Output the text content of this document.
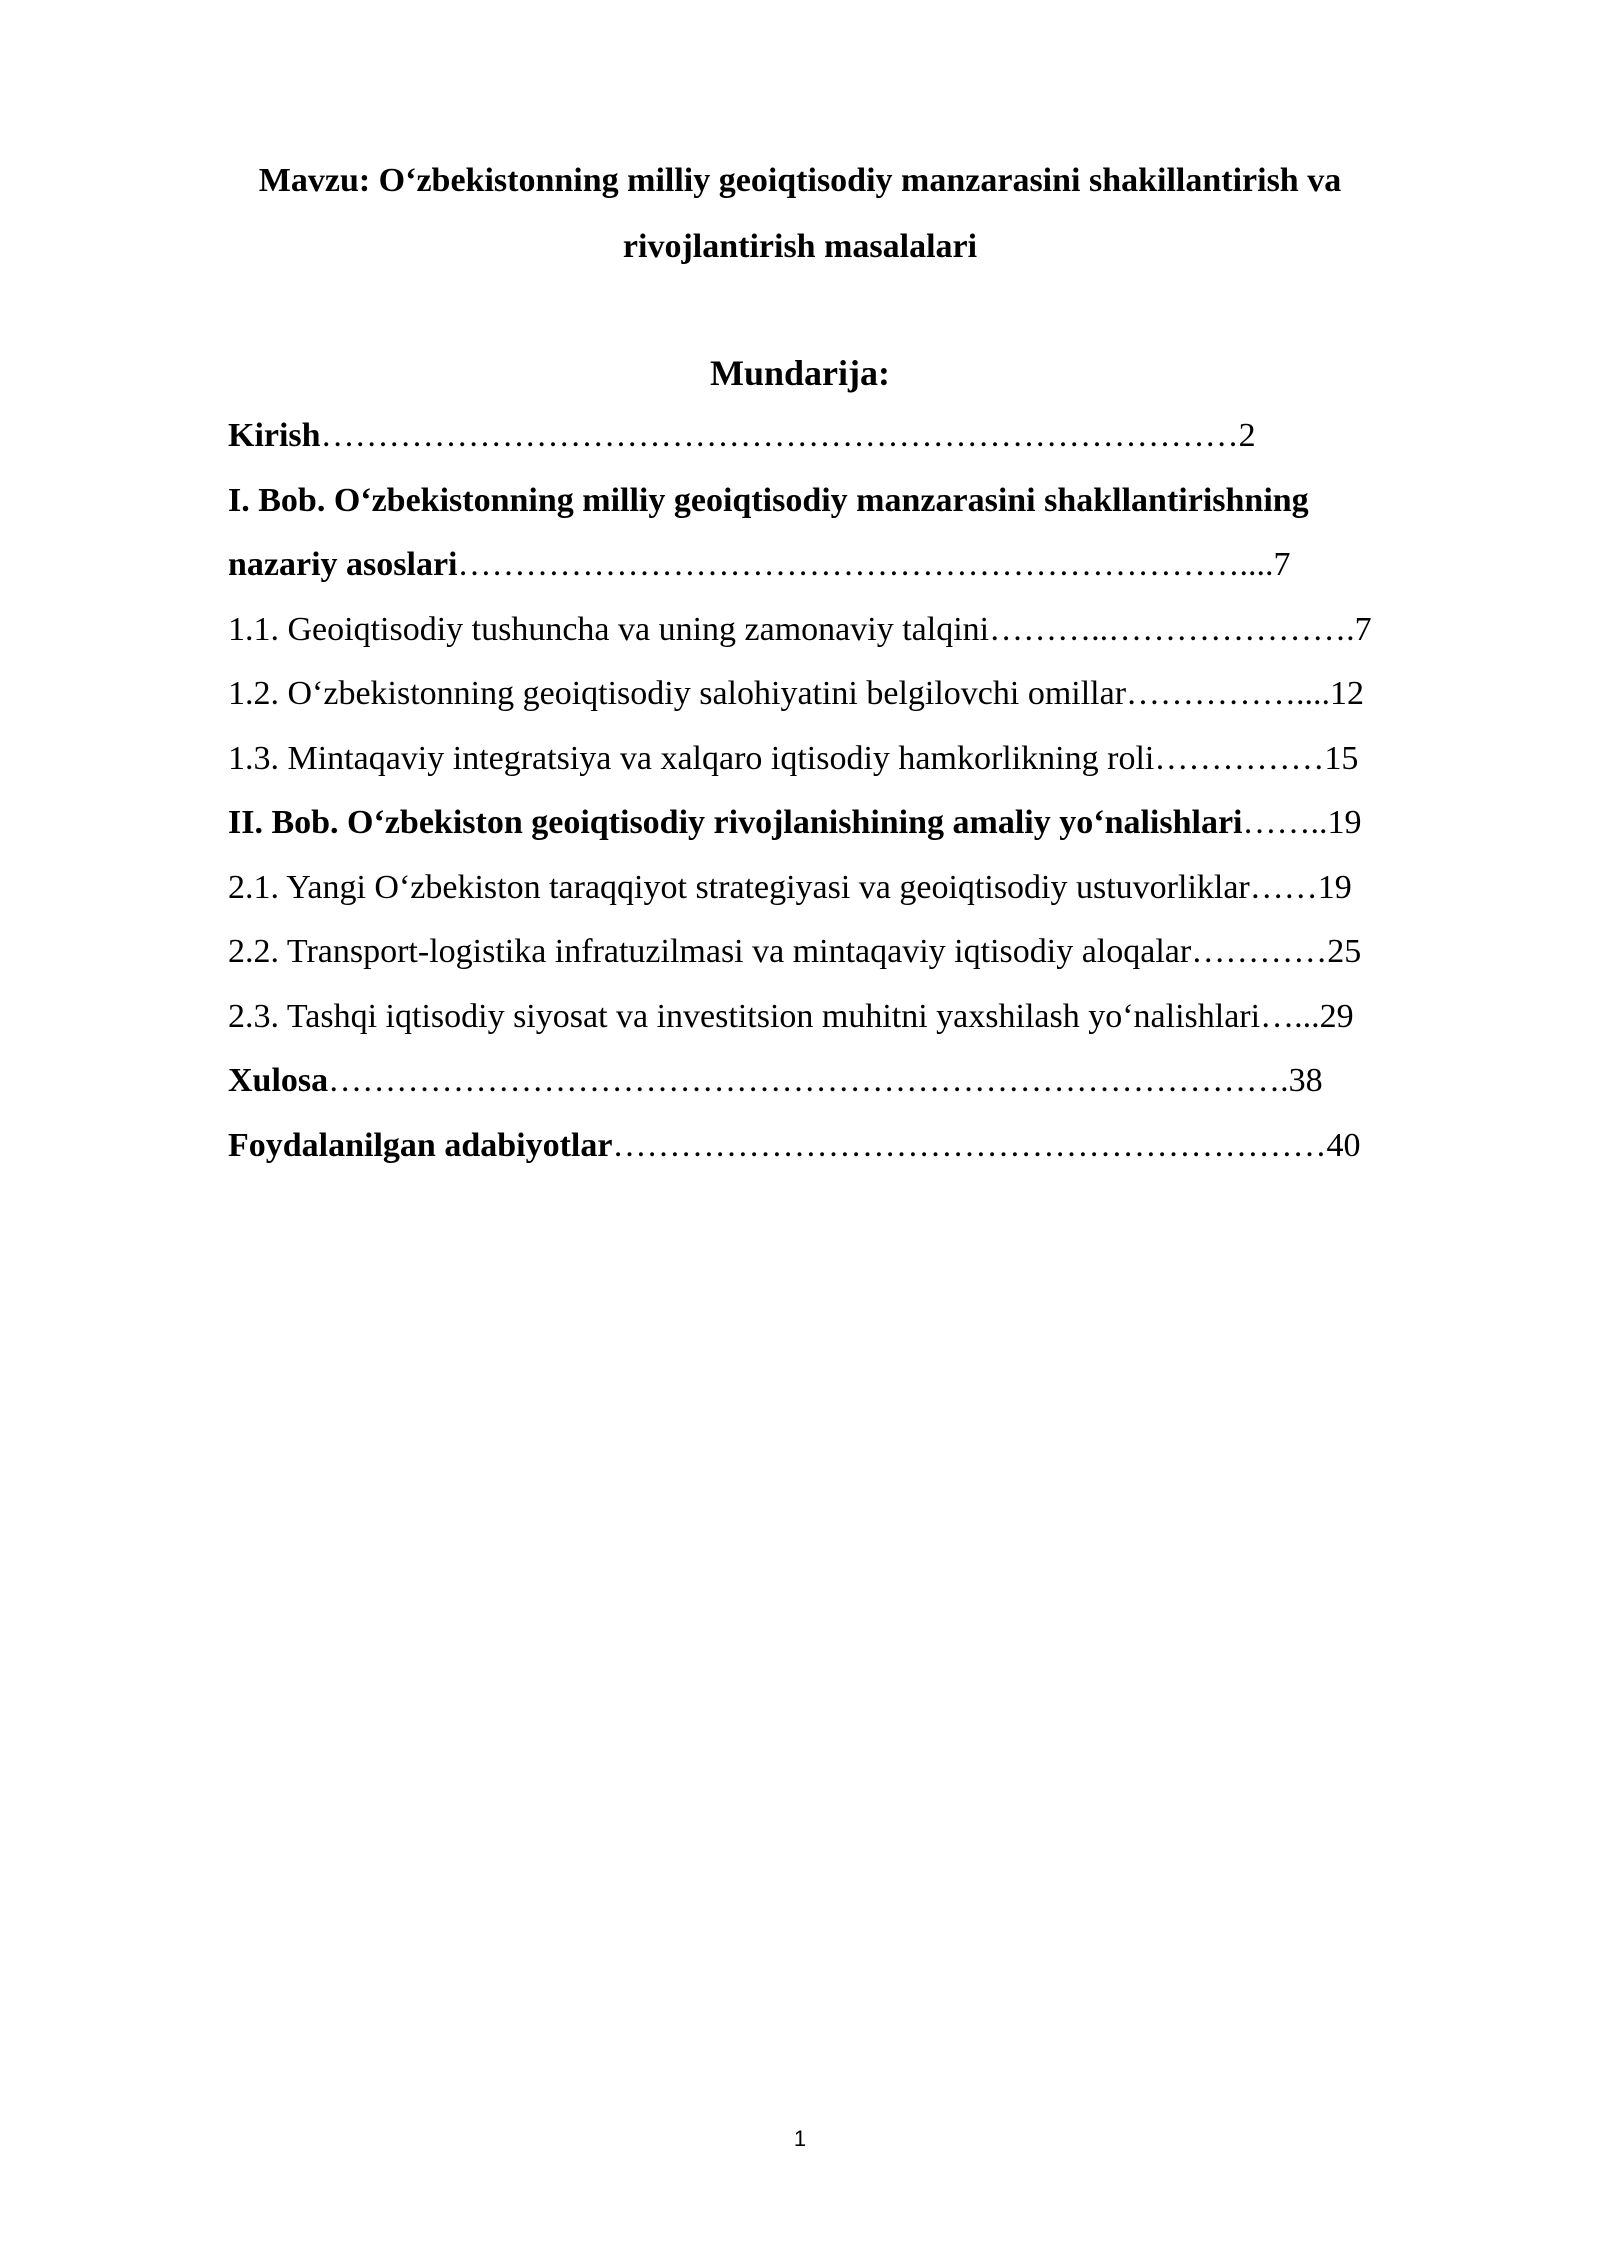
Mavzu: O‘zbekistonning milliy geoiqtisodiy manzarasini shakillantirish va rivojlantirish masalalari
Mundarija:
Kirish………………………………………………………………………2
I. Bob. O‘zbekistonning milliy geoiqtisodiy manzarasini shakllantirishning
nazariy asoslari……………………………………………………………....7
1.1. Geoiqtisodiy tushuncha va uning zamonaviy talqini………..………………….7
1.2. O‘zbekistonning geoiqtisodiy salohiyatini belgilovchi omillar……………....12
1.3. Mintaqaviy integratsiya va xalqaro iqtisodiy hamkorlikning roli……………15
II. Bob. O‘zbekiston geoiqtisodiy rivojlanishining amaliy yo‘nalishlari……..19
2.1. Yangi O‘zbekiston taraqqiyot strategiyasi va geoiqtisodiy ustuvorliklar……19
2.2. Transport-logistika infratuzilmasi va mintaqaviy iqtisodiy aloqalar…………25
2.3. Tashqi iqtisodiy siyosat va investitsion muhitni yaxshilash yo‘nalishlari…...29
Xulosa………………………………………………………………………….38
Foydalanilgan adabiyotlar………………………………………………………40
1
